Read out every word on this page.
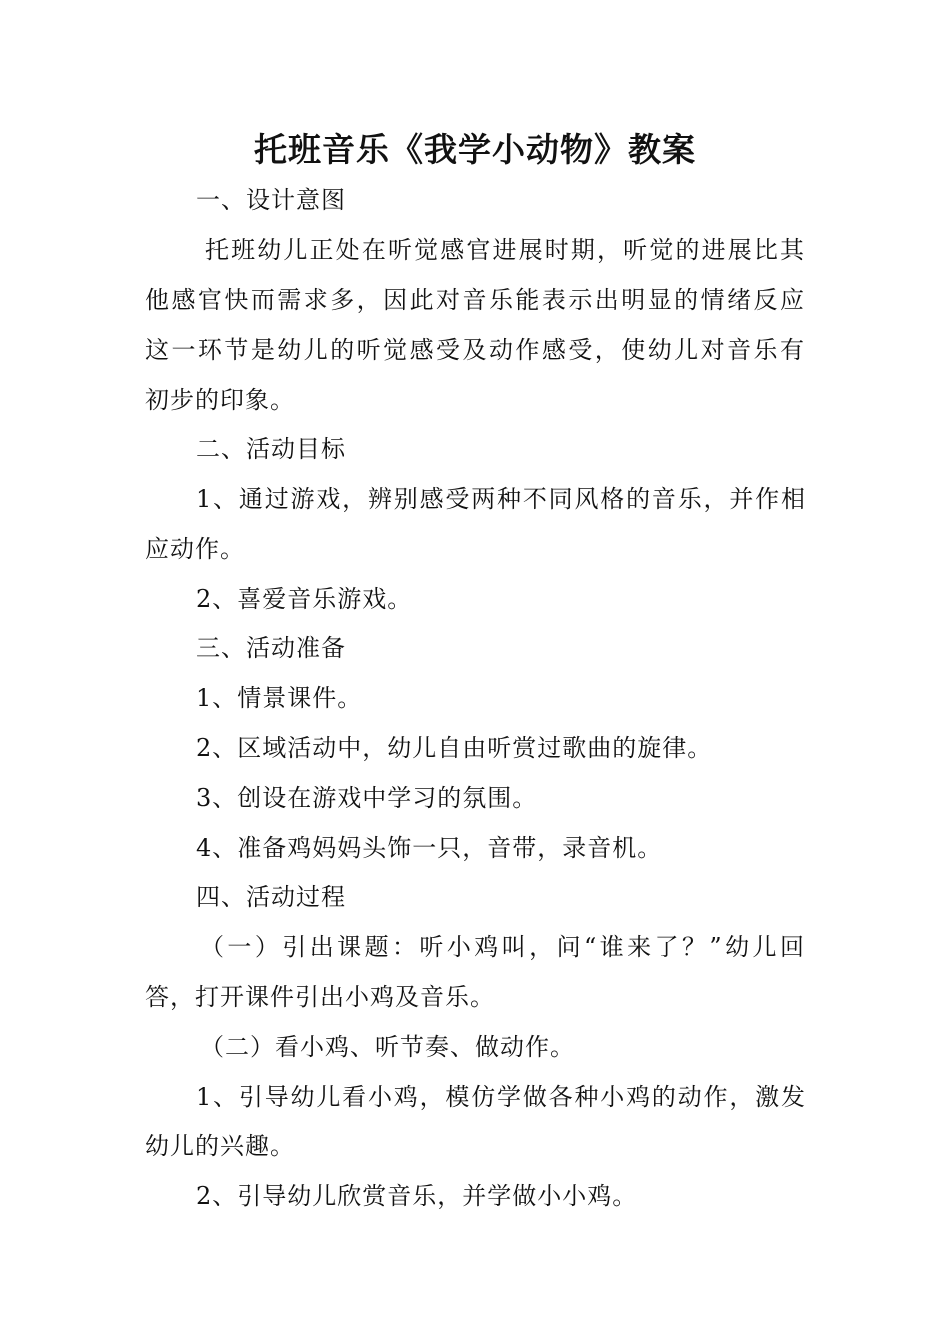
托班音乐《我学小动物》教案
一、设计意图
托班幼儿正处在听觉感官进展时期，听觉的进展比其
他感官快而需求多，因此对音乐能表示出明显的情绪反应
这一环节是幼儿的听觉感受及动作感受，使幼儿对音乐有
初步的印象。
二、活动目标
1、通过游戏，辨别感受两种不同风格的音乐，并作相
应动作。
2、喜爱音乐游戏。
三、活动准备
1、情景课件。
2、区域活动中，幼儿自由听赏过歌曲的旋律。
3、创设在游戏中学习的氛围。
4、准备鸡妈妈头饰一只，音带，录音机。
四、活动过程
（一）引出课题：听小鸡叫，问“谁来了？”幼儿回
答，打开课件引出小鸡及音乐。
（二）看小鸡、听节奏、做动作。
1、引导幼儿看小鸡，模仿学做各种小鸡的动作，激发
幼儿的兴趣。
2、引导幼儿欣赏音乐，并学做小小鸡。
